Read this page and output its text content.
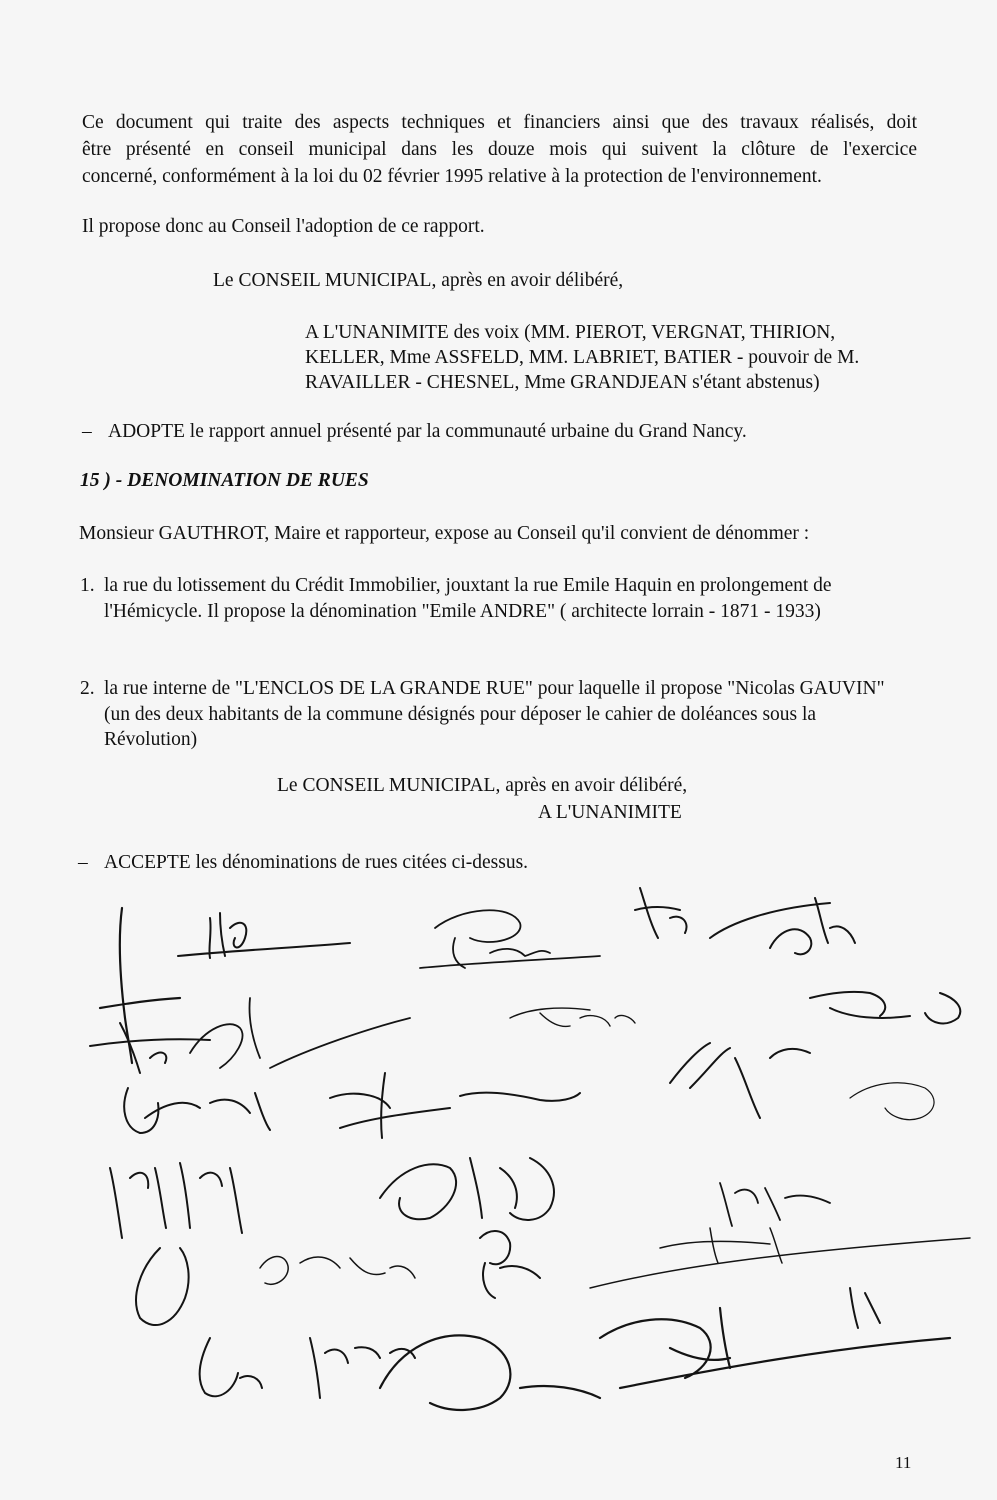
Ce document qui traite des aspects techniques et financiers ainsi que des travaux réalisés, doit

être présenté en conseil municipal dans les douze mois qui suivent la clôture de l'exercice

concerné, conformément à la loi du 02 février 1995 relative à la protection de l'environnement.

Il propose donc au Conseil l'adoption de ce rapport.

Le CONSEIL MUNICIPAL, après en avoir délibéré,

A L'UNANIMITE des voix (MM. PIEROT, VERGNAT, THIRION,

KELLER, Mme ASSFELD, MM. LABRIET, BATIER - pouvoir de M.

RAVAILLER - CHESNEL, Mme GRANDJEAN s'étant abstenus)

– ADOPTE le rapport annuel présenté par la communauté urbaine du Grand Nancy.

15 ) - DENOMINATION DE RUES

Monsieur GAUTHROT, Maire et rapporteur, expose au Conseil qu'il convient de dénommer :

1. la rue du lotissement du Crédit Immobilier, jouxtant la rue Emile Haquin en prolongement de l'Hémicycle. Il propose la dénomination "Emile ANDRE" ( architecte lorrain - 1871 - 1933)
2. la rue interne de "L'ENCLOS DE LA GRANDE RUE" pour laquelle il propose "Nicolas GAUVIN" (un des deux habitants de la commune désignés pour déposer le cahier de doléances sous la Révolution)

Le CONSEIL MUNICIPAL, après en avoir délibéré,

A L'UNANIMITE

– ACCEPTE les dénominations de rues citées ci-dessus.

11
